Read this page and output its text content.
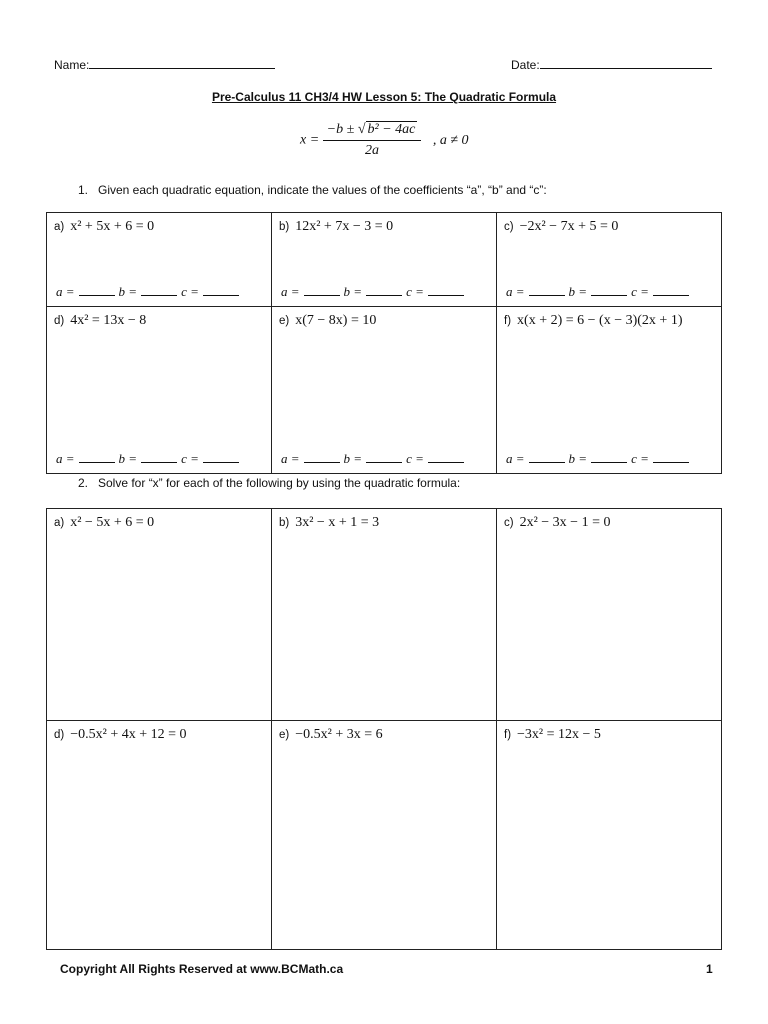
Name:	Date:
Pre-Calculus 11 CH3/4 HW Lesson 5: The Quadratic Formula
$x = \frac{\text{−b ± √ b² − 4ac}}{2a}$ , a ≠ 0
1. Given each quadratic equation, indicate the values of the coefficients “a”, “b” and “c”:
a) x² + 5x + 6 = 0
a =	b =	c =
b) 12x² + 7x − 3 = 0
a =	b =	c =
c) −2x² − 7x + 5 = 0
a =	b =	c =
d) 4x² = 13x − 8
a =	b =	c =
e) x(7 − 8x) = 10
a =	b =	c =
f) x(x + 2) = 6 − (x − 3)(2x + 1)
a =	b =	c =
2. Solve for “x” for each of the following by using the quadratic formula:
a) x² − 5x + 6 = 0	b) 3x² − x + 1 = 3	c) 2x² − 3x − 1 = 0
d) −0.5x² + 4x + 12 = 0	e) −0.5x² + 3x = 6	f) −3x² = 12x − 5
Copyright All Rights Reserved at www.BCMath.ca	1
